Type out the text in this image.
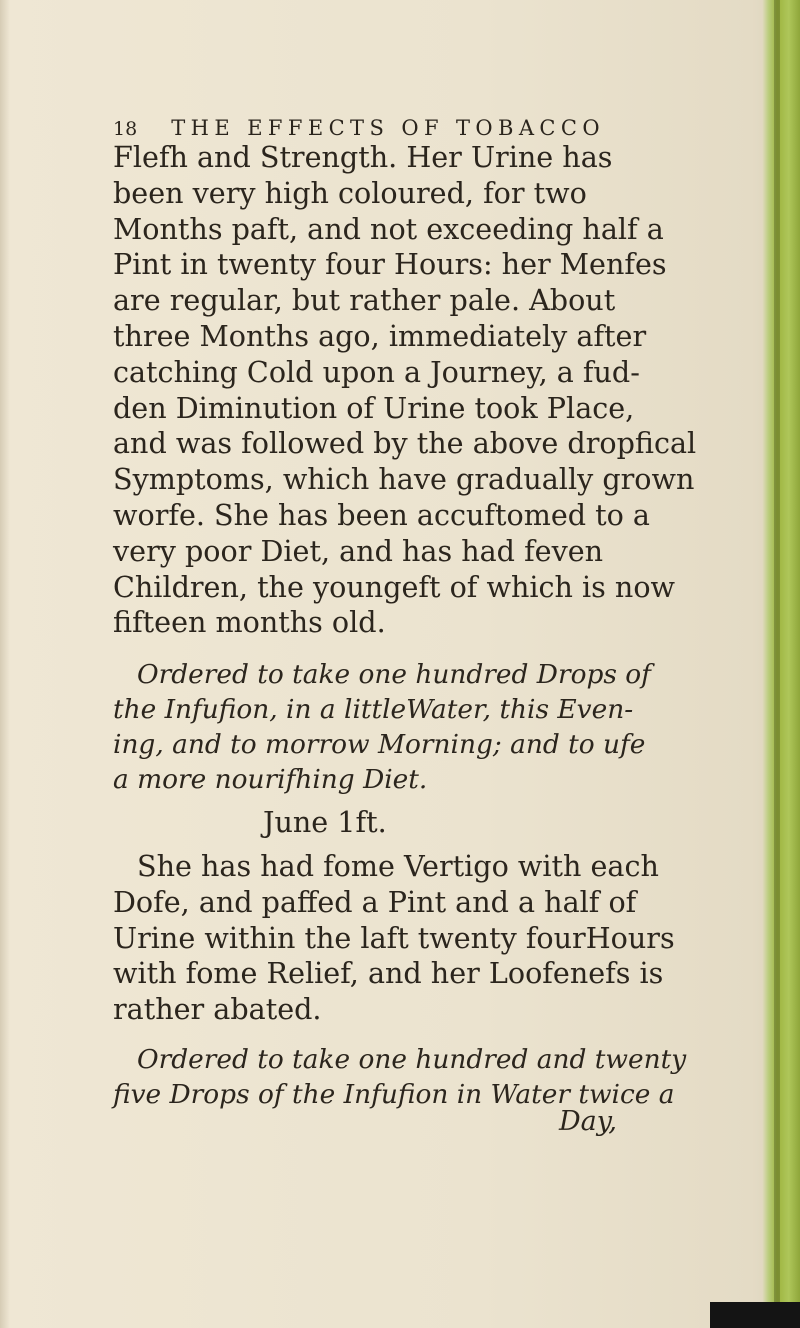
18 THE EFFECTS OF TOBACCO
Flefh and Strength. Her Urine has
been very high coloured, for two
Months paft, and not exceeding half a
Pint in twenty four Hours: her Menfes
are regular, but rather pale. About
three Months ago, immediately after
catching Cold upon a Journey, a fud-
den Diminution of Urine took Place,
and was followed by the above dropfical
Symptoms, which have gradually grown
worfe. She has been accuftomed to a
very poor Diet, and has had feven
Children, the youngeft of which is now
fifteen months old.
Ordered to take one hundred Drops of
the Infufion, in a littleWater, this Even-
ing, and to morrow Morning; and to ufe
a more nourifhing Diet.
June 1ft.
She has had fome Vertigo with each
Dofe, and paffed a Pint and a half of
Urine within the laft twenty fourHours
with fome Relief, and her Loofenefs is
rather abated.
Ordered to take one hundred and twenty
five Drops of the Infufion in Water twice a
Day,
